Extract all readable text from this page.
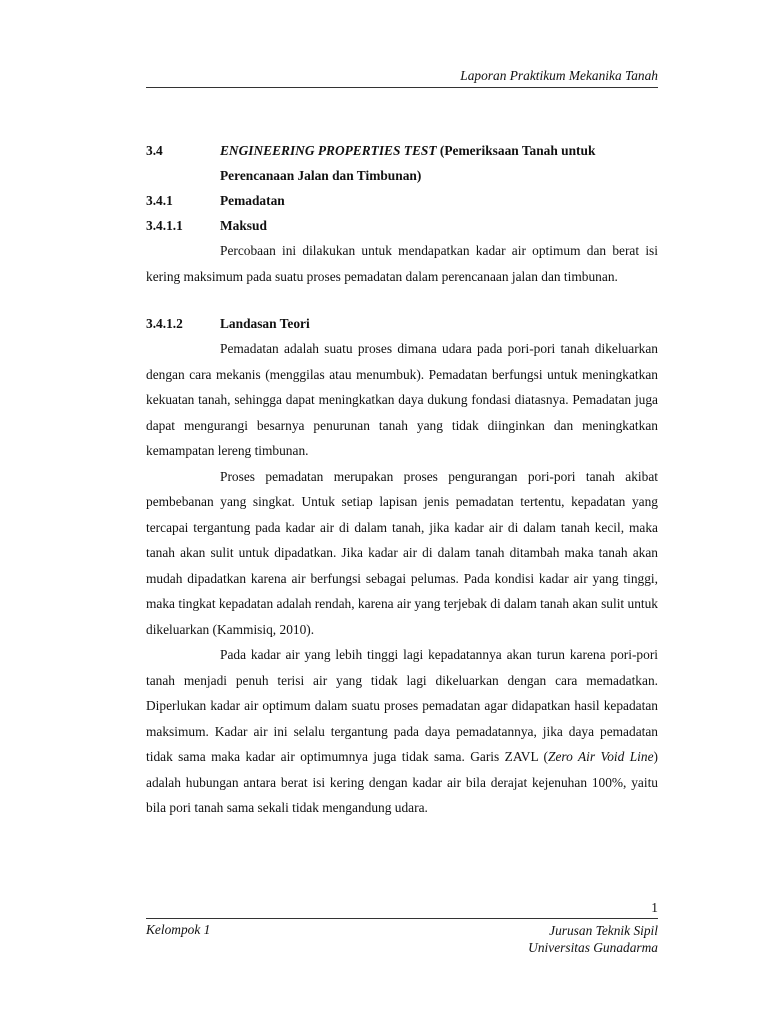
Laporan Praktikum Mekanika Tanah
3.4	ENGINEERING PROPERTIES TEST (Pemeriksaan Tanah untuk
Perencanaan Jalan dan Timbunan)
3.4.1	Pemadatan
3.4.1.1	Maksud

Percobaan ini dilakukan untuk mendapatkan kadar air optimum dan berat isi kering maksimum pada suatu proses pemadatan dalam perencanaan jalan dan timbunan.

3.4.1.2	Landasan Teori

Pemadatan adalah suatu proses dimana udara pada pori-pori tanah dikeluarkan dengan cara mekanis (menggilas atau menumbuk). Pemadatan berfungsi untuk meningkatkan kekuatan tanah, sehingga dapat meningkatkan daya dukung fondasi diatasnya. Pemadatan juga dapat mengurangi besarnya penurunan tanah yang tidak diinginkan dan meningkatkan kemampatan lereng timbunan.

Proses pemadatan merupakan proses pengurangan pori-pori tanah akibat pembebanan yang singkat. Untuk setiap lapisan jenis pemadatan tertentu, kepadatan yang tercapai tergantung pada kadar air di dalam tanah, jika kadar air di dalam tanah kecil, maka tanah akan sulit untuk dipadatkan. Jika kadar air di dalam tanah ditambah maka tanah akan mudah dipadatkan karena air berfungsi sebagai pelumas. Pada kondisi kadar air yang tinggi, maka tingkat kepadatan adalah rendah, karena air yang terjebak di dalam tanah akan sulit untuk dikeluarkan (Kammisiq, 2010).

Pada kadar air yang lebih tinggi lagi kepadatannya akan turun karena pori-pori tanah menjadi penuh terisi air yang tidak lagi dikeluarkan dengan cara memadatkan. Diperlukan kadar air optimum dalam suatu proses pemadatan agar didapatkan hasil kepadatan maksimum. Kadar air ini selalu tergantung pada daya pemadatannya, jika daya pemadatan tidak sama maka kadar air optimumnya juga tidak sama. Garis ZAVL (Zero Air Void Line) adalah hubungan antara berat isi kering dengan kadar air bila derajat kejenuhan 100%, yaitu bila pori tanah sama sekali tidak mengandung udara.

1
Kelompok 1	Jurusan Teknik Sipil
Universitas Gunadarma
